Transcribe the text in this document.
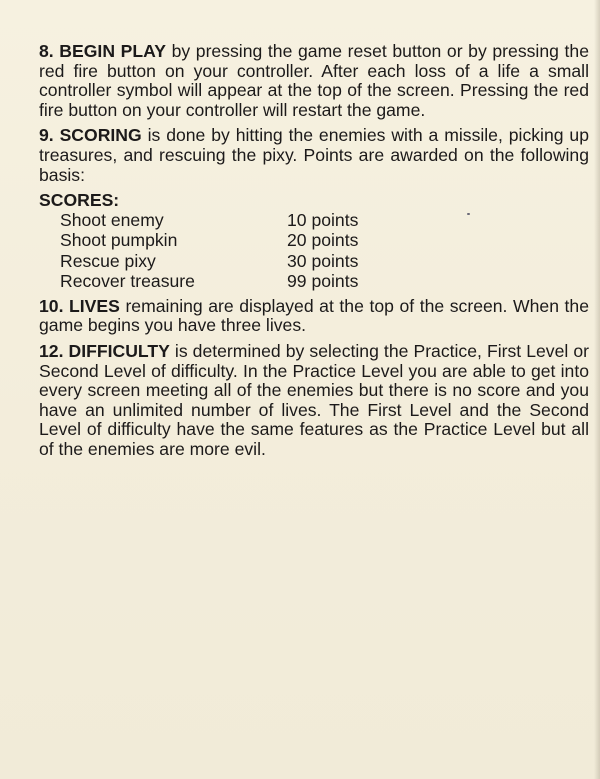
8. BEGIN PLAY by pressing the game reset button or by pressing the red fire button on your controller. After each loss of a life a small controller symbol will appear at the top of the screen. Pressing the red fire button on your controller will restart the game.

9. SCORING is done by hitting the enemies with a missile, picking up treasures, and rescuing the pixy. Points are awarded on the following basis:

SCORES:
Shoot enemy	10 points
Shoot pumpkin	20 points
Rescue pixy	30 points
Recover treasure	99 points

10. LIVES remaining are displayed at the top of the screen. When the game begins you have three lives.

12. DIFFICULTY is determined by selecting the Practice, First Level or Second Level of difficulty. In the Practice Level you are able to get into every screen meeting all of the enemies but there is no score and you have an unlimited number of lives. The First Level and the Second Level of difficulty have the same features as the Practice Level but all of the enemies are more evil.
